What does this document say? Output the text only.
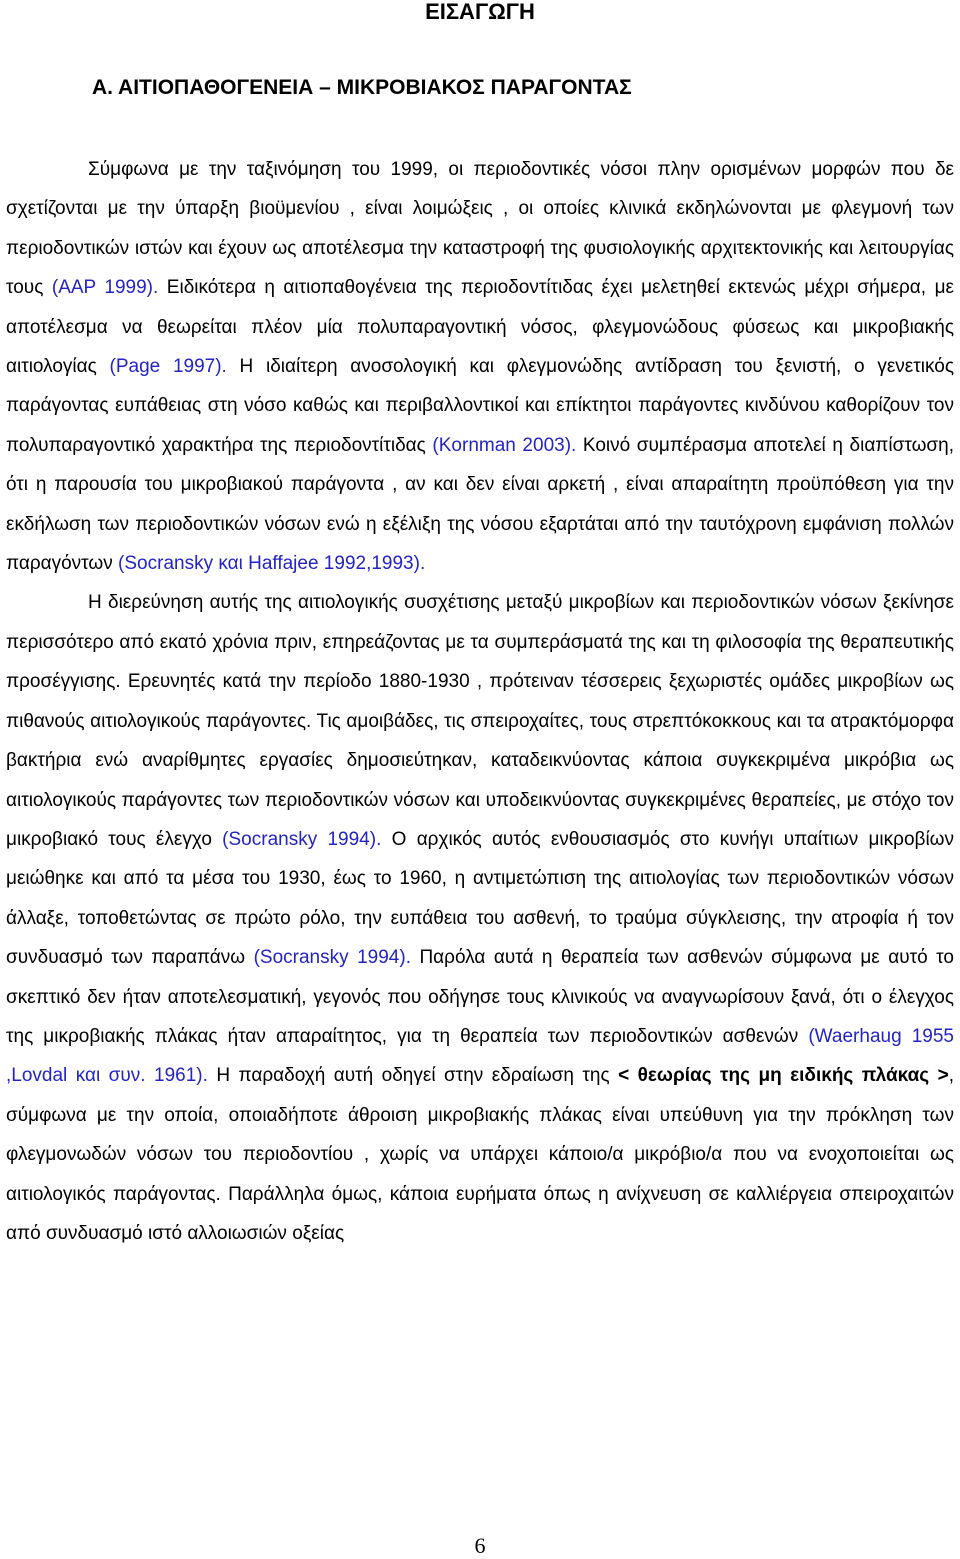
ΕΙΣΑΓΩΓΗ
Α. ΑΙΤΙΟΠΑΘΟΓΕΝΕΙΑ – ΜΙΚΡΟΒΙΑΚΟΣ ΠΑΡΑΓΟΝΤΑΣ

Σύμφωνα με την ταξινόμηση του 1999, οι περιοδοντικές νόσοι πλην ορισμένων μορφών που δε σχετίζονται με την ύπαρξη βιοϋμενίου , είναι λοιμώξεις , οι οποίες κλινικά εκδηλώνονται με φλεγμονή των περιοδοντικών ιστών και έχουν ως αποτέλεσμα την καταστροφή της φυσιολογικής αρχιτεκτονικής και λειτουργίας τους (AAP 1999). Ειδικότερα η αιτιοπαθογένεια της περιοδοντίτιδας έχει μελετηθεί εκτενώς μέχρι σήμερα, με αποτέλεσμα να θεωρείται πλέον μία πολυπαραγοντική νόσος, φλεγμονώδους φύσεως και μικροβιακής αιτιολογίας (Page 1997). Η ιδιαίτερη ανοσολογική και φλεγμονώδης αντίδραση του ξενιστή, ο γενετικός παράγοντας ευπάθειας στη νόσο καθώς και περιβαλλοντικοί και επίκτητοι παράγοντες κινδύνου καθορίζουν τον πολυπαραγοντικό χαρακτήρα της περιοδοντίτιδας (Kornman 2003). Κοινό συμπέρασμα αποτελεί η διαπίστωση, ότι η παρουσία του μικροβιακού παράγοντα , αν και δεν είναι αρκετή , είναι απαραίτητη προϋπόθεση για την εκδήλωση των περιοδοντικών νόσων ενώ η εξέλιξη της νόσου εξαρτάται από την ταυτόχρονη εμφάνιση πολλών παραγόντων (Socransky και Haffajee 1992,1993).

Η διερεύνηση αυτής της αιτιολογικής συσχέτισης μεταξύ μικροβίων και περιοδοντικών νόσων ξεκίνησε περισσότερο από εκατό χρόνια πριν, επηρεάζοντας με τα συμπεράσματά της και τη φιλοσοφία της θεραπευτικής προσέγγισης. Ερευνητές κατά την περίοδο 1880-1930 , πρότειναν τέσσερεις ξεχωριστές ομάδες μικροβίων ως πιθανούς αιτιολογικούς παράγοντες. Τις αμοιβάδες, τις σπειροχαίτες, τους στρεπτόκοκκους και τα ατρακτόμορφα βακτήρια ενώ αναρίθμητες εργασίες δημοσιεύτηκαν, καταδεικνύοντας κάποια συγκεκριμένα μικρόβια ως αιτιολογικούς παράγοντες των περιοδοντικών νόσων και υποδεικνύοντας συγκεκριμένες θεραπείες, με στόχο τον μικροβιακό τους έλεγχο (Socransky 1994). Ο αρχικός αυτός ενθουσιασμός στο κυνήγι υπαίτιων μικροβίων μειώθηκε και από τα μέσα του 1930, έως το 1960, η αντιμετώπιση της αιτιολογίας των περιοδοντικών νόσων άλλαξε, τοποθετώντας σε πρώτο ρόλο, την ευπάθεια του ασθενή, το τραύμα σύγκλεισης, την ατροφία ή τον συνδυασμό των παραπάνω (Socransky 1994). Παρόλα αυτά η θεραπεία των ασθενών σύμφωνα με αυτό το σκεπτικό δεν ήταν αποτελεσματική, γεγονός που οδήγησε τους κλινικούς να αναγνωρίσουν ξανά, ότι ο έλεγχος της μικροβιακής πλάκας ήταν απαραίτητος, για τη θεραπεία των περιοδοντικών ασθενών (Waerhaug 1955 ,Lovdal και συν. 1961). Η παραδοχή αυτή οδηγεί στην εδραίωση της < θεωρίας της μη ειδικής πλάκας >, σύμφωνα με την οποία, οποιαδήποτε άθροιση μικροβιακής πλάκας είναι υπεύθυνη για την πρόκληση των φλεγμονωδών νόσων του περιοδοντίου , χωρίς να υπάρχει κάποιο/α μικρόβιο/α που να ενοχοποιείται ως αιτιολογικός παράγοντας. Παράλληλα όμως, κάποια ευρήματα όπως η ανίχνευση σε καλλιέργεια σπειροχαιτών από συνδυασμό ιστό αλλοιωσιών οξείας

6
